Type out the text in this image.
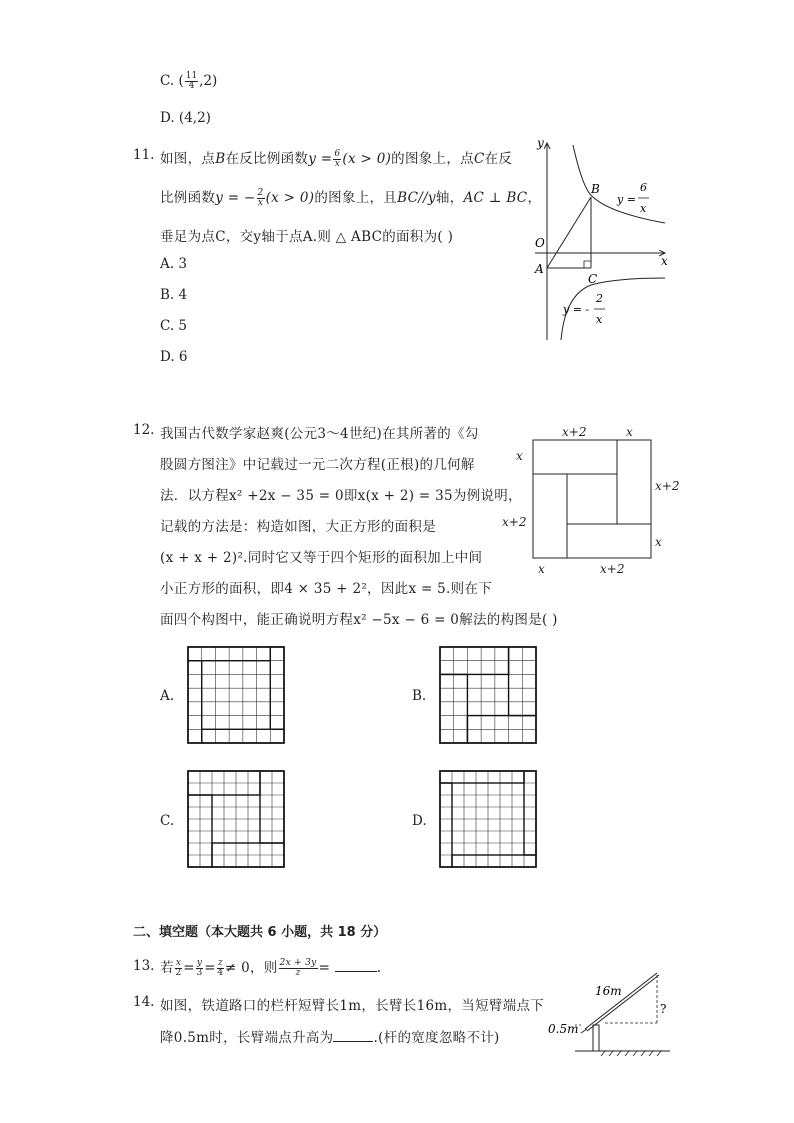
C. ( $\frac{11}{4} ,2$)
D. (4,2)
11. 如图，点B在反比例函数$y = \frac{6}{x} (x > 0)$的图象上，点C在反
比例函数y = − $\frac{2}{x} (x > 0)$的图象上，且BC//y轴，AC ⊥ BC，
垂足为点C，交y轴于点A.则 △ ABC的面积为( )
A. 3
B. 4
C. 5
D. 6
y
x
O
A
B
C
y =
6
x
y = -
2
x
12. 我国古代数学家赵爽(公元3～4世纪)在其所著的《勾
股圆方图注》中记载过一元二次方程(正根)的几何解
法．以方程x² +2x − 35 = 0即x(x + 2) = 35为例说明，
记载的方法是：构造如图，大正方形的面积是
(x + x + 2)².同时它又等于四个矩形的面积加上中间
小正方形的面积，即4 × 35 + 2²，因此x = 5.则在下
面四个构图中，能正确说明方程x² −5x − 6 = 0解法的构图是( )
x+2	x
x
x+2
x+2
x
x	x+2
A.	B.
C.	D.
二、填空题（本大题共 6 小题，共 18 分）
13. 若 $\frac{x}{2} = \frac{y}{3} = \frac{z}{4} \ne 0$，则 $\frac{2x + 3y}{z}$ =	.
14. 如图，铁道路口的栏杆短臂长1m，长臂长16m，当短臂端点下
降0.5m时，长臂端点升高为	.(杆的宽度忽略不计)
16m
?
0.5m
